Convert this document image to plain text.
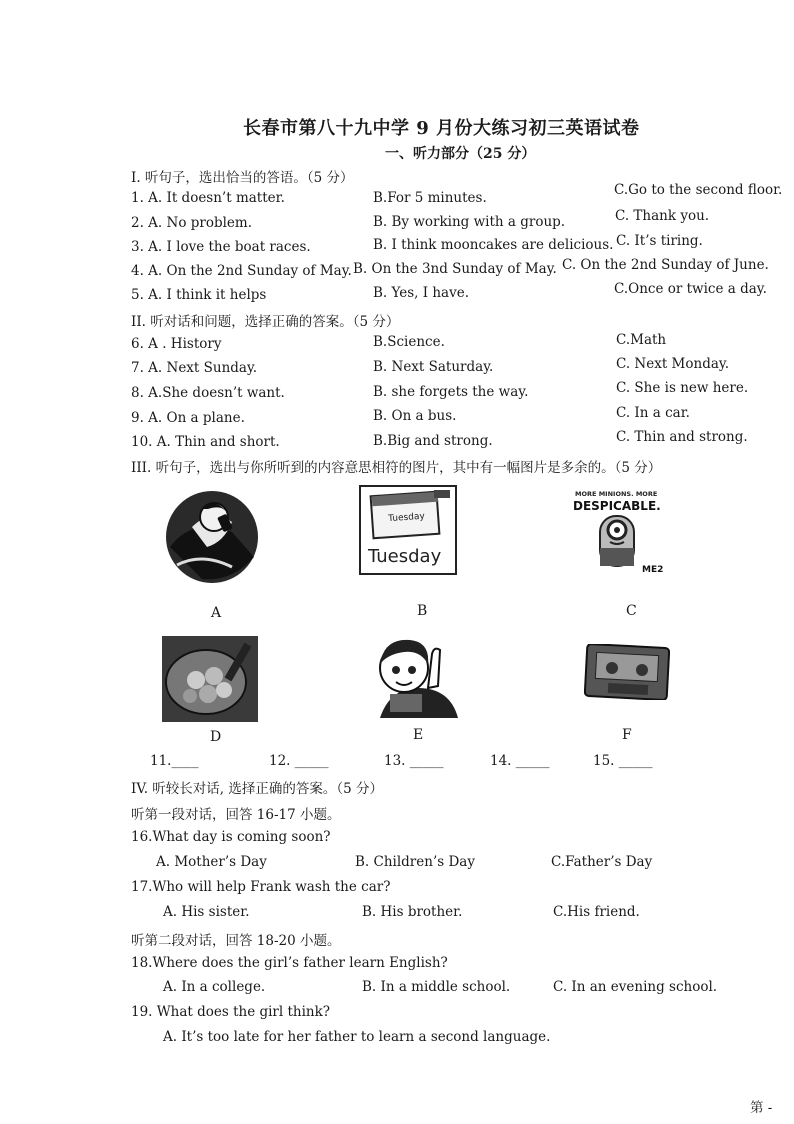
长春市第八十九中学 9 月份大练习初三英语试卷
一、听力部分（25 分）
I. 听句子，选出恰当的答语。（5 分）
1. A. It doesn’t matter.	B.For 5 minutes.	C.Go to the second floor.
2. A. No problem.	B. By working with a group.	C. Thank you.
3. A. I love the boat races.	B. I think mooncakes are delicious. C. It’s tiring.
4. A. On the 2nd Sunday of May. B. On the 3nd Sunday of May. C. On the 2nd Sunday of June.
5. A. I think it helps	B. Yes, I have.	C.Once or twice a day.
II. 听对话和问题，选择正确的答案。（5 分）
6. A . History	B.Science.	C.Math
7. A. Next Sunday.	B. Next Saturday.	C. Next Monday.
8. A.She doesn’t want.	B. she forgets the way.	C. She is new here.
9. A. On a plane.	B. On a bus.	C. In a car.
10. A. Thin and short.	B.Big and strong.	C. Thin and strong.
III. 听句子，选出与你所听到的内容意思相符的图片，其中有一幅图片是多余的。（5 分）
A
Tuesday
Tuesday
B
MORE MINIONS. MORE
DESPICABLE.
ME2
C
D	E	F
11.____	12. _____	13. _____	14. _____	15. _____
IV. 听较长对话, 选择正确的答案。（5 分）
听第一段对话，回答 16-17 小题。
16.What day is coming soon?
A. Mother’s Day	B. Children’s Day	C.Father’s Day
17.Who will help Frank wash the car?
A. His sister.	B. His brother.	C.His friend.
听第二段对话，回答 18-20 小题。
18.Where does the girl’s father learn English?
A. In a college.	B. In a middle school.	C. In an evening school.
19. What does the girl think?
A. It’s too late for her father to learn a second language.
第 -
